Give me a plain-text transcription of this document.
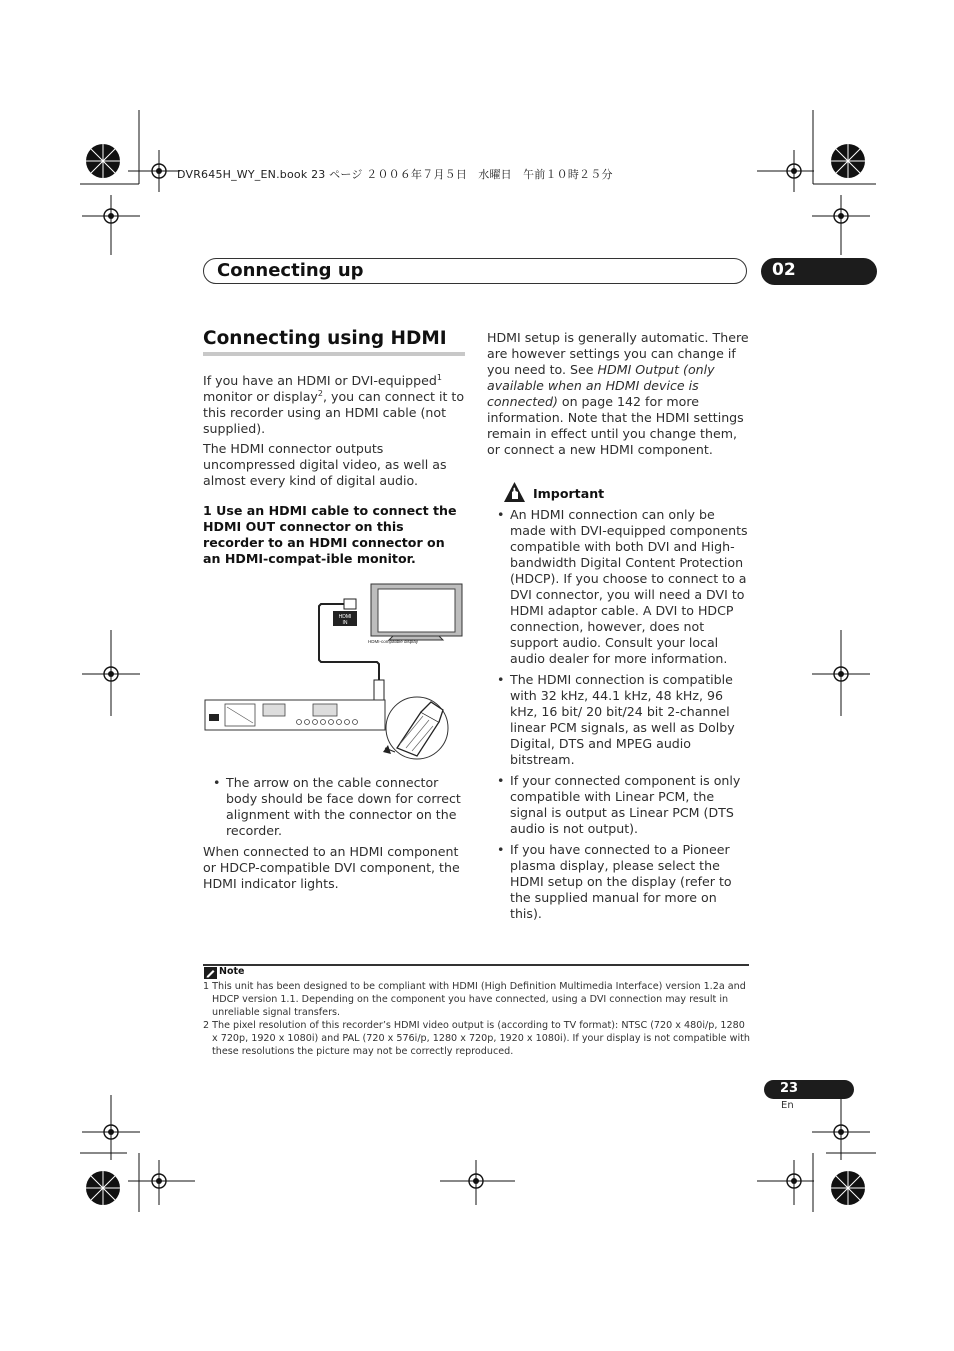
DVR645H_WY_EN.book 23 ページ ２００６年７月５日　水曜日　午前１０時２５分
Connecting up	02
Connecting using HDMI

If you have an HDMI or DVI-equipped$^1$ monitor or display$^2$, you can connect it to this recorder using an HDMI cable (not supplied).

The HDMI connector outputs uncompressed digital video, as well as almost every kind of digital audio.

1 Use an HDMI cable to connect the HDMI OUT connector on this recorder to an HDMI connector on an HDMI-compat-ible monitor.
HDMI
IN
HDMI-compatible display
• The arrow on the cable connector body should be face down for correct alignment with the connector on the recorder.

When connected to an HDMI component or HDCP-compatible DVI component, the HDMI indicator lights.

HDMI setup is generally automatic. There are however settings you can change if you need to. See HDMI Output (only available when an HDMI device is connected) on page 142 for more information. Note that the HDMI settings remain in effect until you change them, or connect a new HDMI component.

Important
• An HDMI connection can only be made with DVI-equipped components compatible with both DVI and High-bandwidth Digital Content Protection (HDCP). If you choose to connect to a DVI connector, you will need a DVI to HDMI adaptor cable. A DVI to HDCP connection, however, does not support audio. Consult your local audio dealer for more information.
• The HDMI connection is compatible with 32 kHz, 44.1 kHz, 48 kHz, 96 kHz, 16 bit/ 20 bit/24 bit 2-channel linear PCM signals, as well as Dolby Digital, DTS and MPEG audio bitstream.
• If your connected component is only compatible with Linear PCM, the signal is output as Linear PCM (DTS audio is not output).
• If you have connected to a Pioneer plasma display, please select the HDMI setup on the display (refer to the supplied manual for more on this).
Note
1 This unit has been designed to be compliant with HDMI (High Definition Multimedia Interface) version 1.2a and HDCP version 1.1. Depending on the component you have connected, using a DVI connection may result in unreliable signal transfers.
2 The pixel resolution of this recorder’s HDMI video output is (according to TV format): NTSC (720 x 480i/p, 1280 x 720p, 1920 x 1080i) and PAL (720 x 576i/p, 1280 x 720p, 1920 x 1080i). If your display is not compatible with these resolutions the picture may not be correctly reproduced.
23
En
